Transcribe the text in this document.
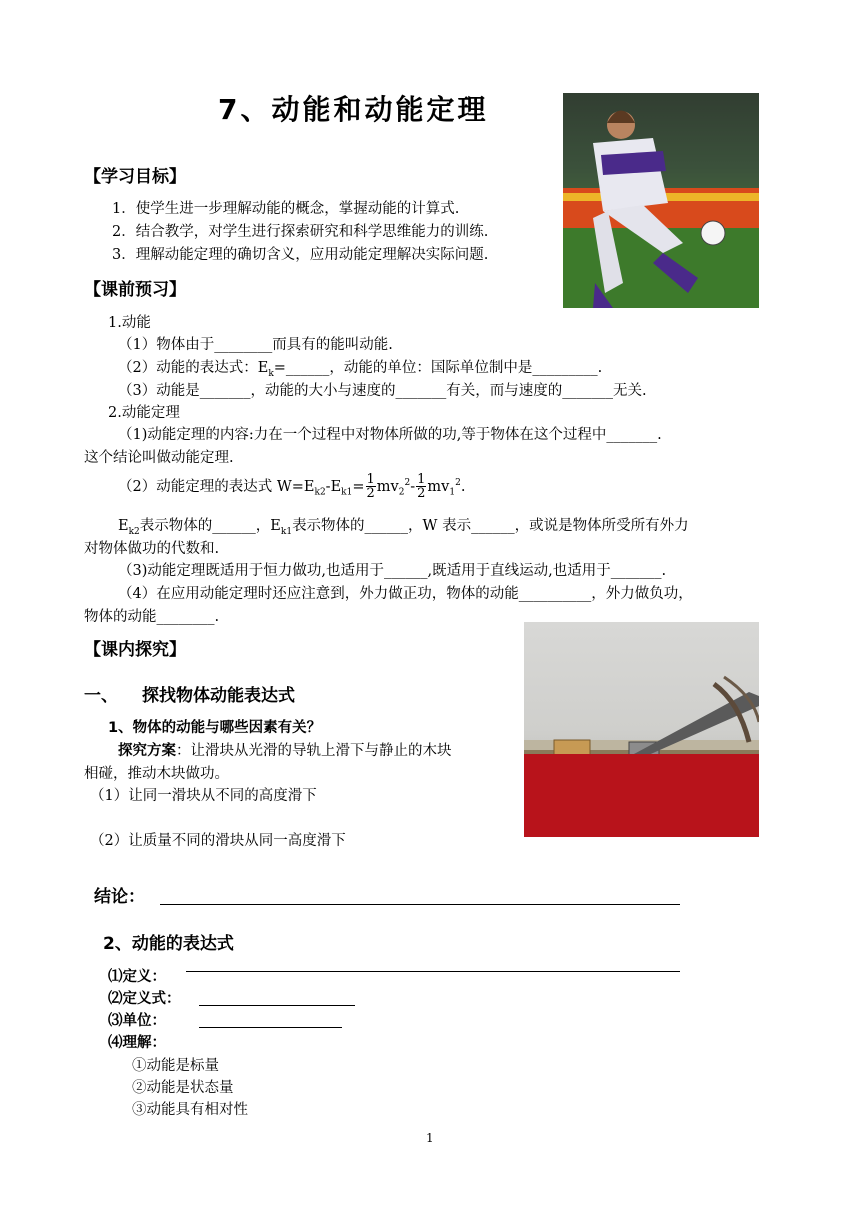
7、动能和动能定理
【学习目标】
1．使学生进一步理解动能的概念，掌握动能的计算式.
2．结合教学，对学生进行探索研究和科学思维能力的训练.
3．理解动能定理的确切含义，应用动能定理解决实际问题.
【课前预习】
1.动能
（1）物体由于________而具有的能叫动能.
（2）动能的表达式：$E_k=\_\_\_\_\_\_$，动能的单位：国际单位制中是_________.
（3）动能是_______，动能的大小与速度的_______有关，而与速度的_______无关.
2.动能定理
（1)动能定理的内容:力在一个过程中对物体所做的功,等于物体在这个过程中_______.
这个结论叫做动能定理.
（2）动能定理的表达式 $W=E_{k2}-E_{k1}= \frac{1}{2} mv_2^2- \frac{1}{2} mv_1^2$.
$E_{k2}$表示物体的______，$E_{k1}$表示物体的______，W 表示______，或说是物体所受所有外力
对物体做功的代数和.
（3)动能定理既适用于恒力做功,也适用于______,既适用于直线运动,也适用于_______.
（4）在应用动能定理时还应注意到，外力做正功，物体的动能__________，外力做负功，
物体的动能________.
【课内探究】
一、 探找物体动能表达式
1、物体的动能与哪些因素有关？
探究方案：让滑块从光滑的导轨上滑下与静止的木块
相碰，推动木块做功。
（1）让同一滑块从不同的高度滑下
（2）让质量不同的滑块从同一高度滑下
结论：
2、动能的表达式
⑴定义：
⑵定义式：
⑶单位：
⑷理解：
①动能是标量
②动能是状态量
③动能具有相对性
1
